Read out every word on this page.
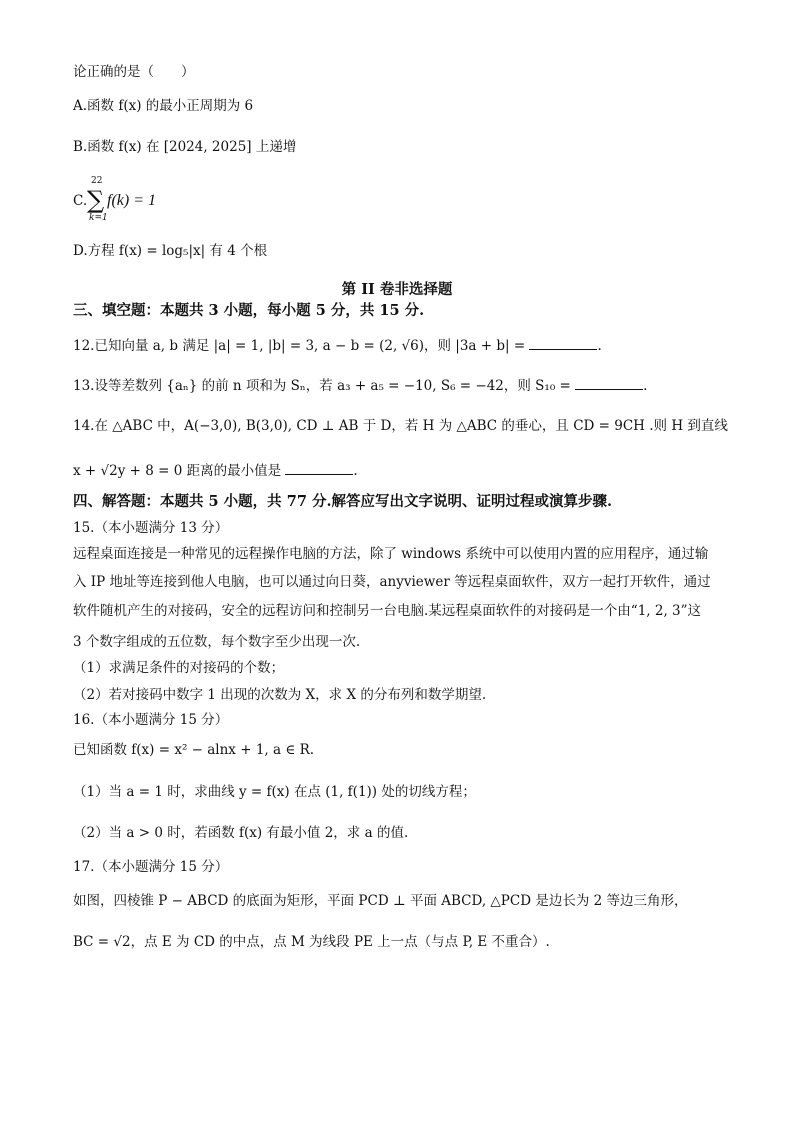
论正确的是（　　）
A.函数 f(x) 的最小正周期为 6
B.函数 f(x) 在 [2024, 2025] 上递增
C.
22
∑
k=1
f(k) = 1
D.方程 f(x) = log₅|x| 有 4 个根
第 II 卷非选择题
三、填空题：本题共 3 小题，每小题 5 分，共 15 分.
12.已知向量 a, b 满足 |a| = 1, |b| = 3, a − b = (2, √6)，则 |3a + b| =	.
13.设等差数列 {aₙ} 的前 n 项和为 Sₙ，若 a₃ + a₅ = −10, S₆ = −42，则 S₁₀ =	.
14.在 △ABC 中，A(−3,0), B(3,0), CD ⊥ AB 于 D，若 H 为 △ABC 的垂心，且 CD = 9CH .则 H 到直线
x + √2y + 8 = 0 距离的最小值是	.
四、解答题：本题共 5 小题，共 77 分.解答应写出文字说明、证明过程或演算步骤.
15.（本小题满分 13 分）
远程桌面连接是一种常见的远程操作电脑的方法，除了 windows 系统中可以使用内置的应用程序，通过输
入 IP 地址等连接到他人电脑，也可以通过向日葵，anyviewer 等远程桌面软件，双方一起打开软件，通过
软件随机产生的对接码，安全的远程访问和控制另一台电脑.某远程桌面软件的对接码是一个由“1, 2, 3”这
3 个数字组成的五位数，每个数字至少出现一次.
（1）求满足条件的对接码的个数；
（2）若对接码中数字 1 出现的次数为 X，求 X 的分布列和数学期望.
16.（本小题满分 15 分）
已知函数 f(x) = x² − alnx + 1, a ∈ R.
（1）当 a = 1 时，求曲线 y = f(x) 在点 (1, f(1)) 处的切线方程；
（2）当 a > 0 时，若函数 f(x) 有最小值 2，求 a 的值.
17.（本小题满分 15 分）
如图，四棱锥 P − ABCD 的底面为矩形，平面 PCD ⊥ 平面 ABCD, △PCD 是边长为 2 等边三角形，
BC = √2，点 E 为 CD 的中点，点 M 为线段 PE 上一点（与点 P, E 不重合）.
